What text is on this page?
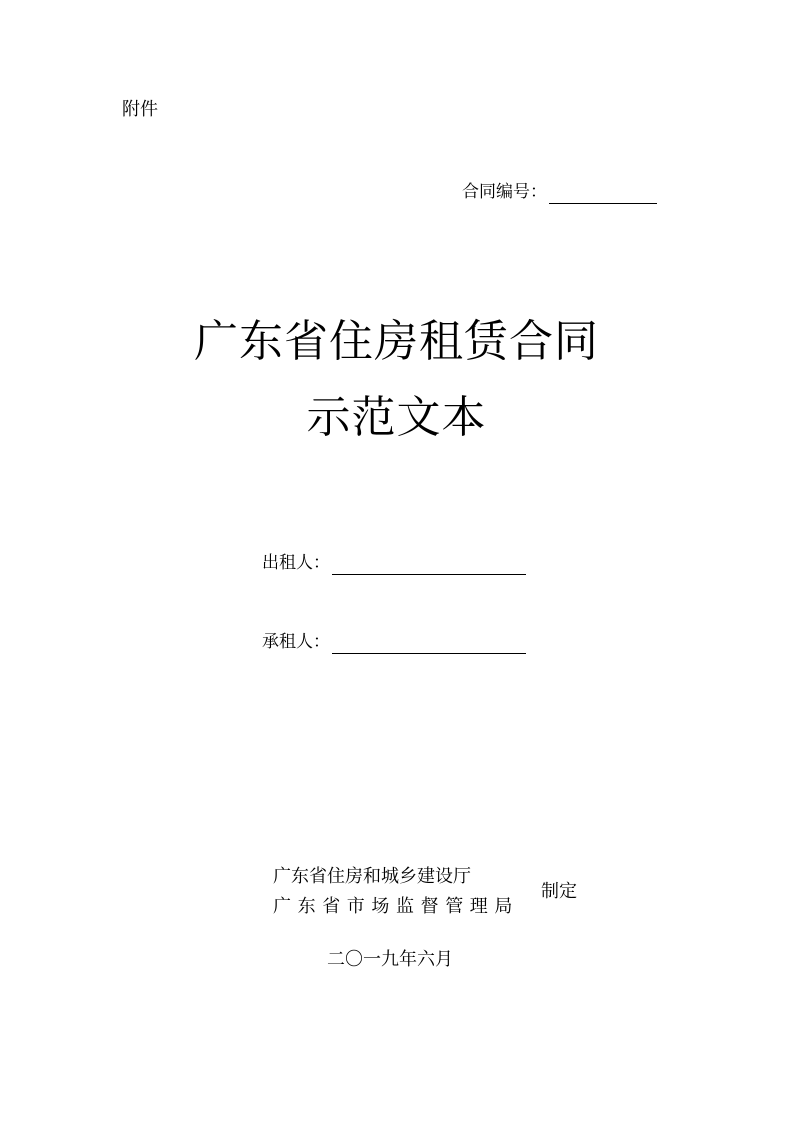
附件
合同编号：
广东省住房租赁合同
示范文本
出租人：
承租人：
广东省住房和城乡建设厅
广东省市场监督管理局
制定
二〇一九年六月
